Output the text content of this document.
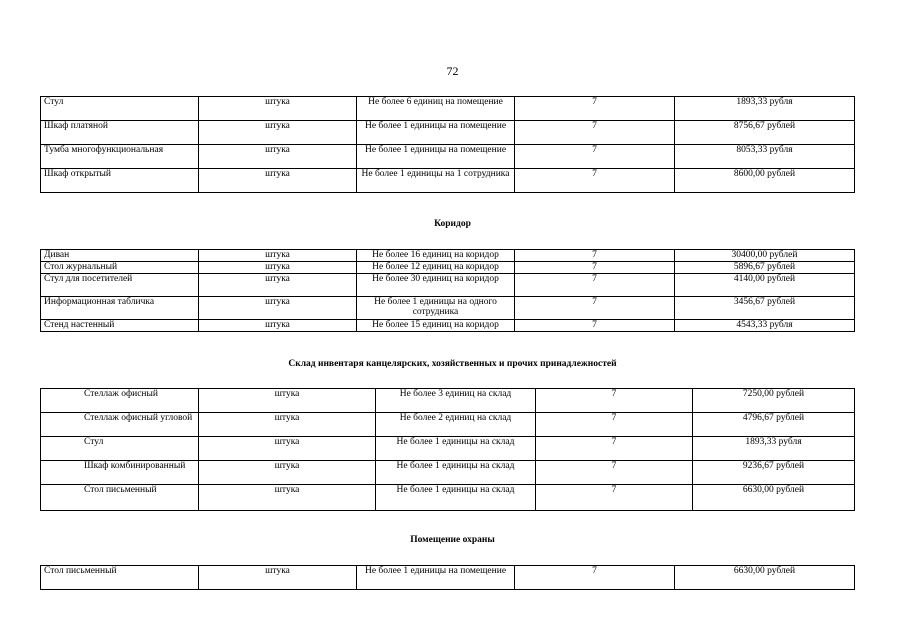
72
Стул	штука	Не более 6 единиц на помещение	7	1893,33 рубля
Шкаф платяной	штука	Не более 1 единицы на помещение	7	8756,67 рублей
Тумба многофункциональная	штука	Не более 1 единицы на помещение	7	8053,33 рубля
Шкаф открытый	штука	Не более 1 единицы на 1 сотрудника	7	8600,00 рублей
Коридор
Диван	штука	Не более 16 единиц на коридор	7	30400,00 рублей
Стол журнальный	штука	Не более 12 единиц на коридор	7	5896,67 рублей
Стул для посетителей	штука	Не более 30 единиц на коридор	7	4140,00 рублей
Информационная табличка	штука	Не более 1 единицы на одного сотрудника	7	3456,67 рублей
Стенд настенный	штука	Не более 15 единиц на коридор	7	4543,33 рубля
Склад инвентаря канцелярских, хозяйственных и прочих принадлежностей
Стеллаж офисный	штука	Не более 3 единиц на склад	7	7250,00 рублей
Стеллаж офисный угловой	штука	Не более 2 единиц на склад	7	4796,67 рублей
Стул	штука	Не более 1 единицы на склад	7	1893,33 рубля
Шкаф комбинированный	штука	Не более 1 единицы на склад	7	9236,67 рублей
Стол письменный	штука	Не более 1 единицы на склад	7	6630,00 рублей
Помещение охраны
Стол письменный	штука	Не более 1 единицы на помещение	7	6630,00 рублей
